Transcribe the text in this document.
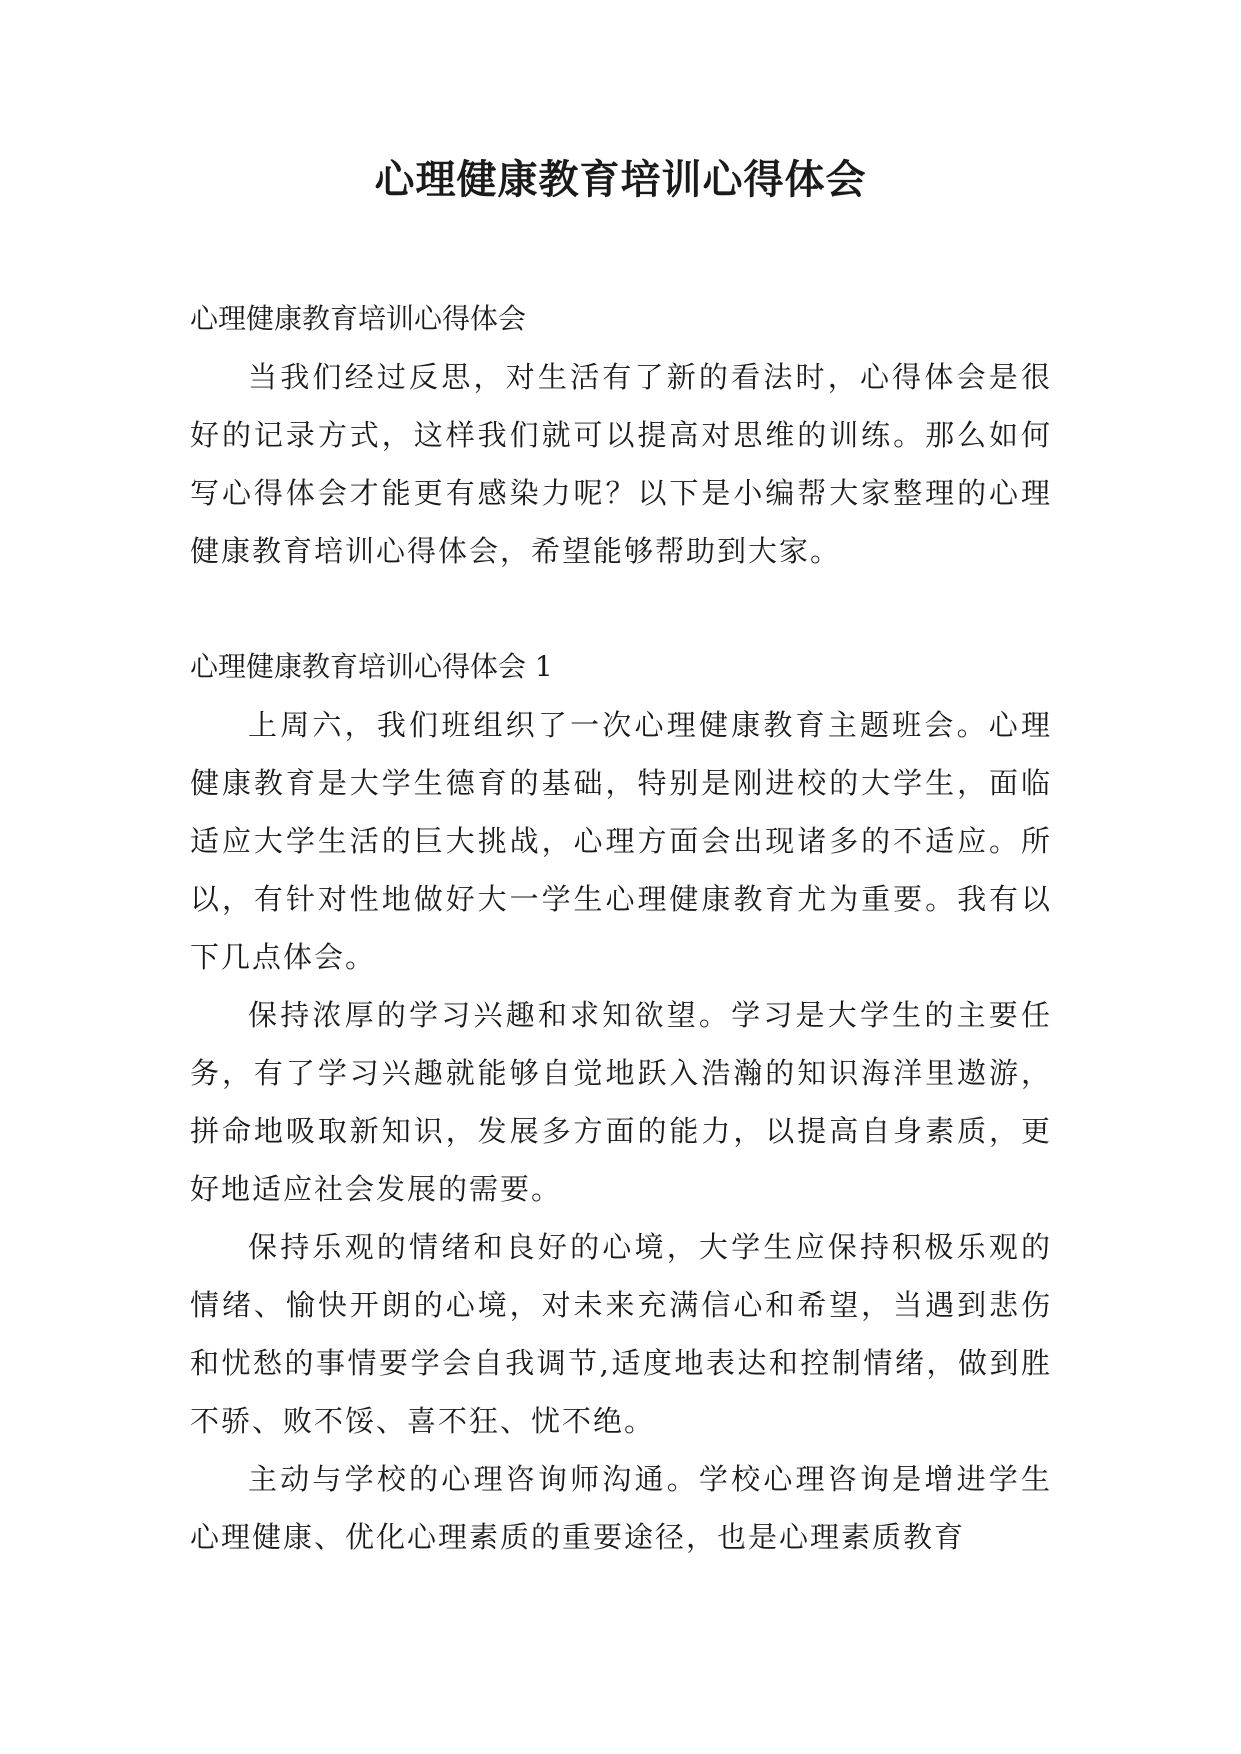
心理健康教育培训心得体会

心理健康教育培训心得体会

当我们经过反思，对生活有了新的看法时，心得体会是很好的记录方式，这样我们就可以提高对思维的训练。那么如何写心得体会才能更有感染力呢？以下是小编帮大家整理的心理健康教育培训心得体会，希望能够帮助到大家。

心理健康教育培训心得体会 1

上周六，我们班组织了一次心理健康教育主题班会。心理健康教育是大学生德育的基础，特别是刚进校的大学生，面临适应大学生活的巨大挑战，心理方面会出现诸多的不适应。所以，有针对性地做好大一学生心理健康教育尤为重要。我有以下几点体会。

保持浓厚的学习兴趣和求知欲望。学习是大学生的主要任务，有了学习兴趣就能够自觉地跃入浩瀚的知识海洋里遨游，拼命地吸取新知识，发展多方面的能力，以提高自身素质，更好地适应社会发展的需要。

保持乐观的情绪和良好的心境，大学生应保持积极乐观的情绪、愉快开朗的心境，对未来充满信心和希望，当遇到悲伤和忧愁的事情要学会自我调节,适度地表达和控制情绪，做到胜不骄、败不馁、喜不狂、忧不绝。

主动与学校的心理咨询师沟通。学校心理咨询是增进学生心理健康、优化心理素质的重要途径，也是心理素质教育
